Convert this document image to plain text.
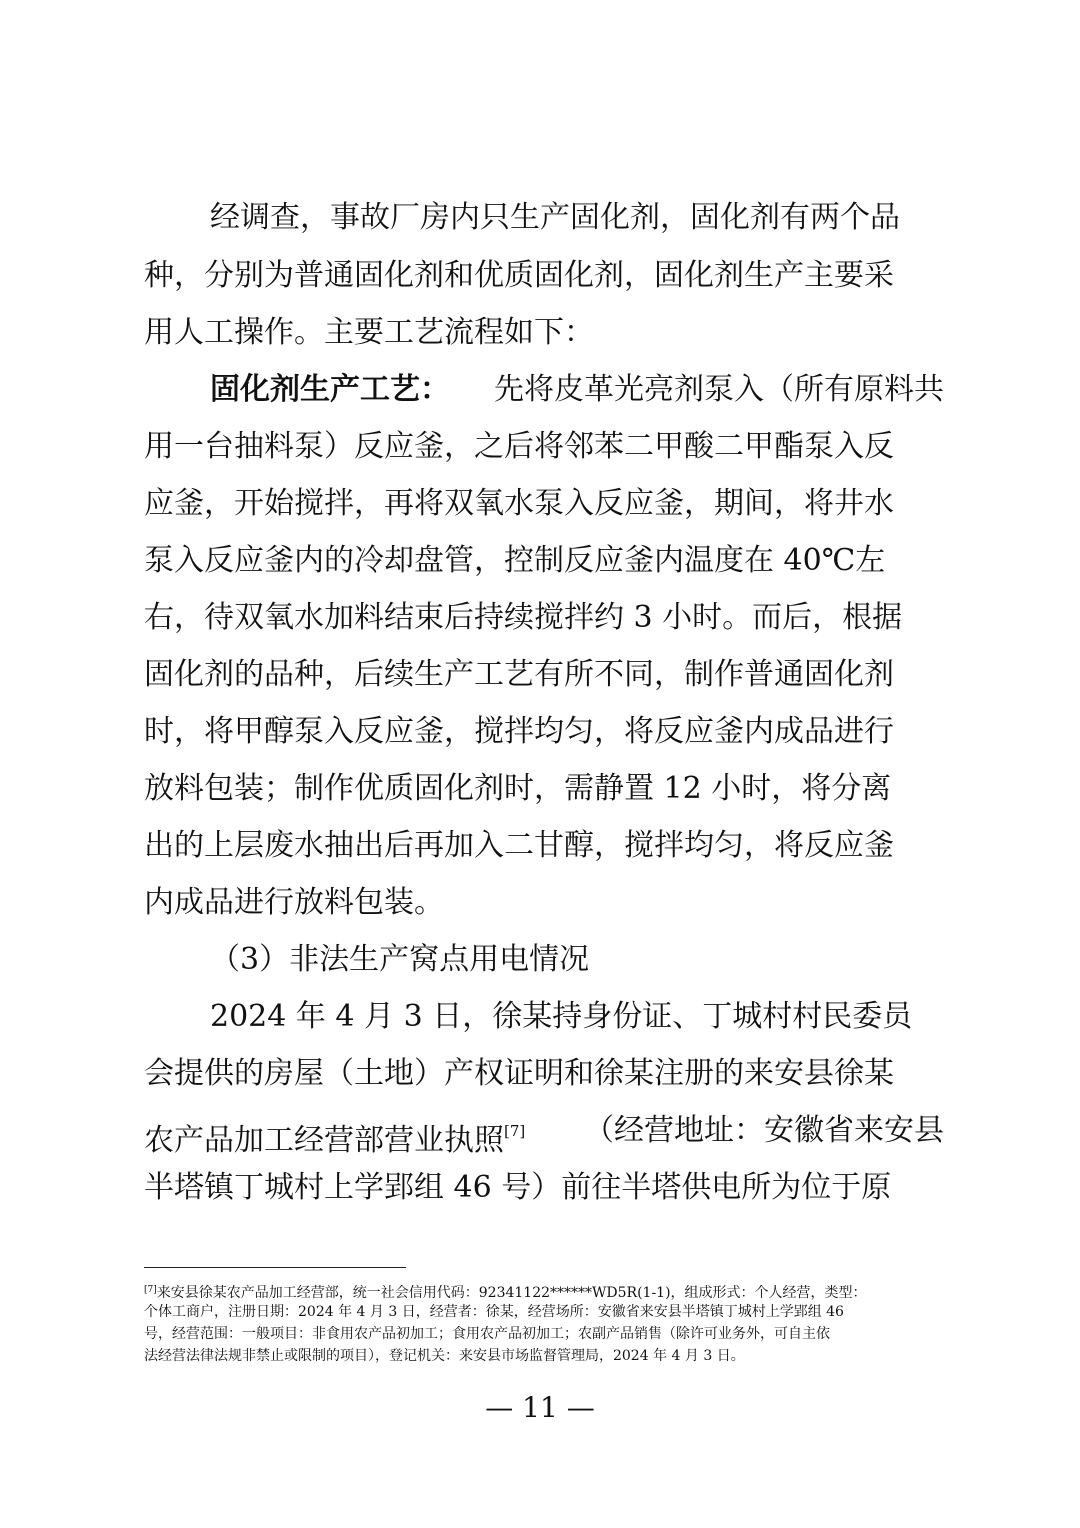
经调查，事故厂房内只生产固化剂，固化剂有两个品
种，分别为普通固化剂和优质固化剂，固化剂生产主要采
用人工操作。主要工艺流程如下：
固化剂生产工艺： 先将皮革光亮剂泵入（所有原料共
用一台抽料泵）反应釜，之后将邻苯二甲酸二甲酯泵入反
应釜，开始搅拌，再将双氧水泵入反应釜，期间，将井水
泵入反应釜内的冷却盘管，控制反应釜内温度在 40℃左
右，待双氧水加料结束后持续搅拌约 3 小时。而后，根据
固化剂的品种，后续生产工艺有所不同，制作普通固化剂
时，将甲醇泵入反应釜，搅拌均匀，将反应釜内成品进行
放料包装；制作优质固化剂时，需静置 12 小时，将分离
出的上层废水抽出后再加入二甘醇，搅拌均匀，将反应釜
内成品进行放料包装。
（3）非法生产窝点用电情况
2024 年 4 月 3 日，徐某持身份证、丁城村村民委员
会提供的房屋（土地）产权证明和徐某注册的来安县徐某
农产品加工经营部营业执照[7] （经营地址：安徽省来安县
半塔镇丁城村上学郢组 46 号）前往半塔供电所为位于原
[7]来安县徐某农产品加工经营部，统一社会信用代码：92341122******WD5R(1-1)，组成形式：个人经营，类型：
个体工商户，注册日期：2024 年 4 月 3 日，经营者：徐某，经营场所：安徽省来安县半塔镇丁城村上学郢组 46
号，经营范围：一般项目：非食用农产品初加工；食用农产品初加工；农副产品销售（除许可业务外，可自主依
法经营法律法规非禁止或限制的项目），登记机关：来安县市场监督管理局，2024 年 4 月 3 日。
— 11 —
